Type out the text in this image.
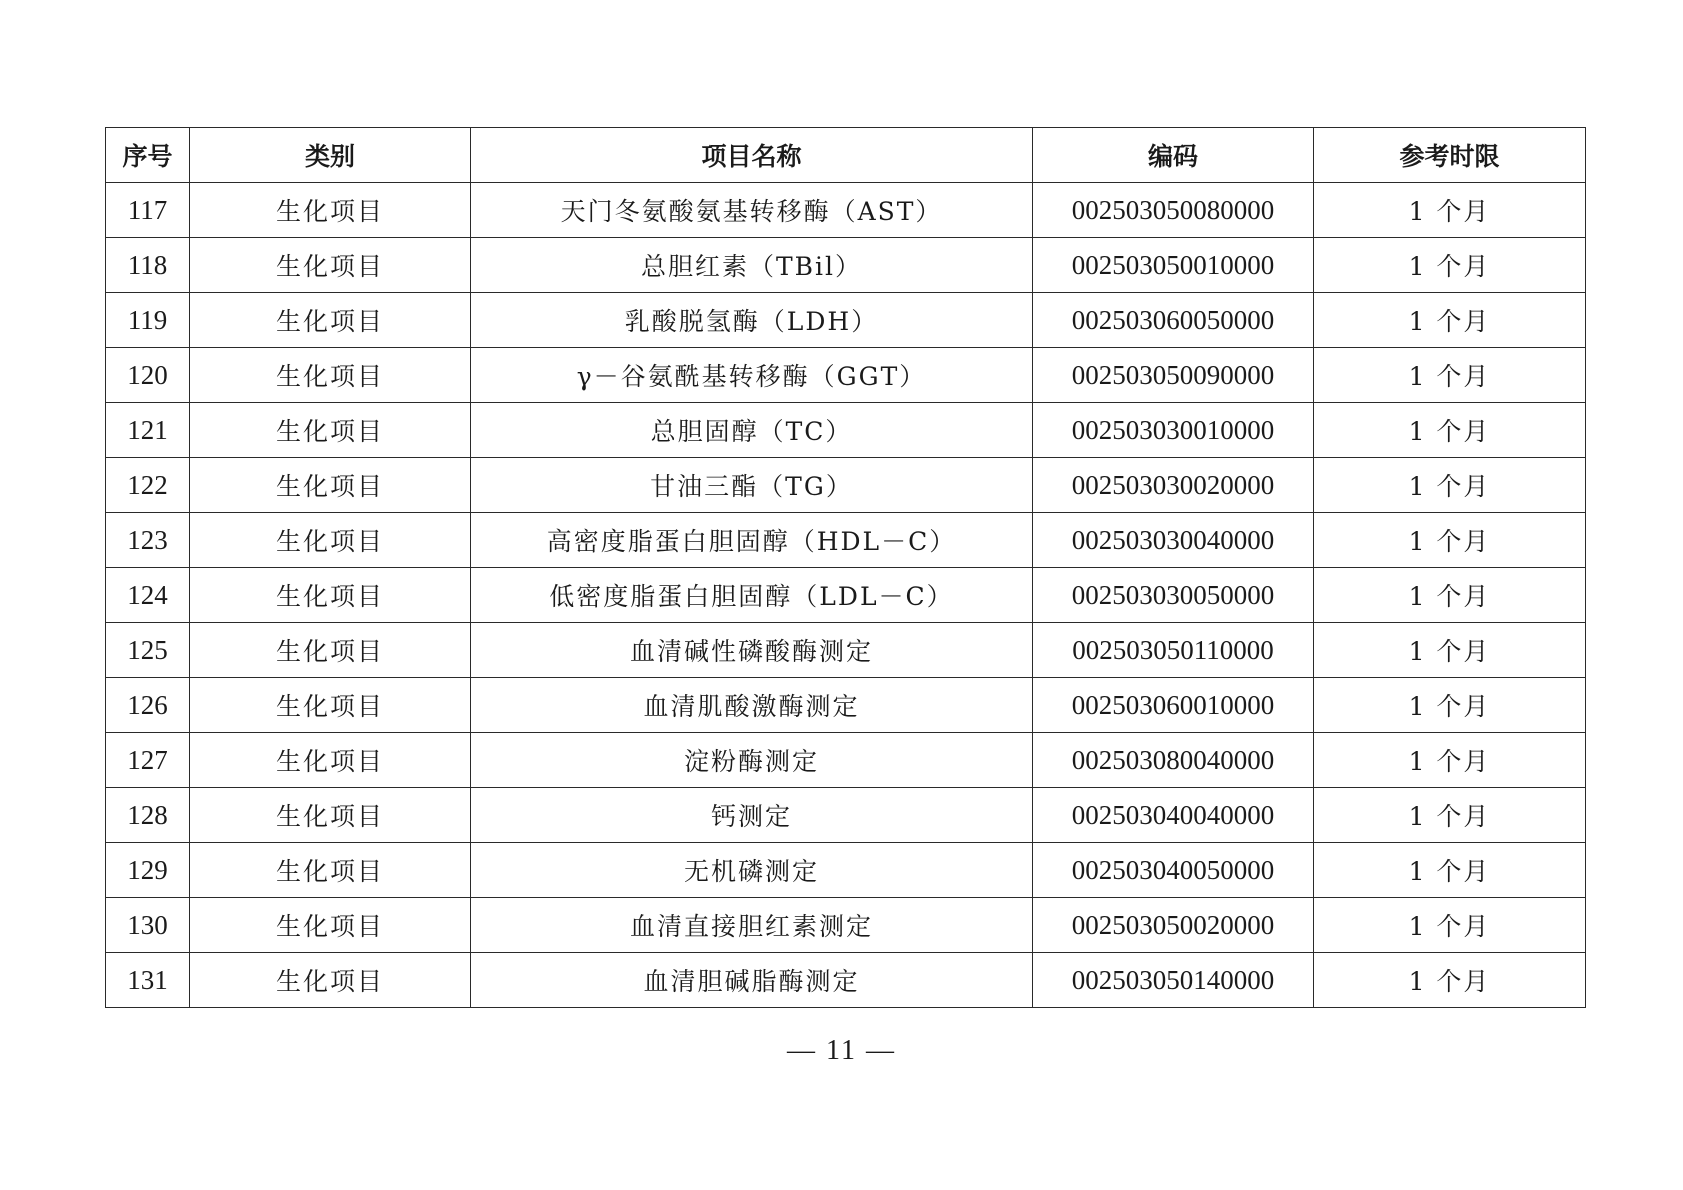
序号	类别	项目名称	编码	参考时限
117	生化项目	天门冬氨酸氨基转移酶（AST）	002503050080000	1 个月
118	生化项目	总胆红素（TBil）	002503050010000	1 个月
119	生化项目	乳酸脱氢酶（LDH）	002503060050000	1 个月
120	生化项目	γ－谷氨酰基转移酶（GGT）	002503050090000	1 个月
121	生化项目	总胆固醇（TC）	002503030010000	1 个月
122	生化项目	甘油三酯（TG）	002503030020000	1 个月
123	生化项目	高密度脂蛋白胆固醇（HDL－C）	002503030040000	1 个月
124	生化项目	低密度脂蛋白胆固醇（LDL－C）	002503030050000	1 个月
125	生化项目	血清碱性磷酸酶测定	002503050110000	1 个月
126	生化项目	血清肌酸激酶测定	002503060010000	1 个月
127	生化项目	淀粉酶测定	002503080040000	1 个月
128	生化项目	钙测定	002503040040000	1 个月
129	生化项目	无机磷测定	002503040050000	1 个月
130	生化项目	血清直接胆红素测定	002503050020000	1 个月
131	生化项目	血清胆碱脂酶测定	002503050140000	1 个月
— 11 —
